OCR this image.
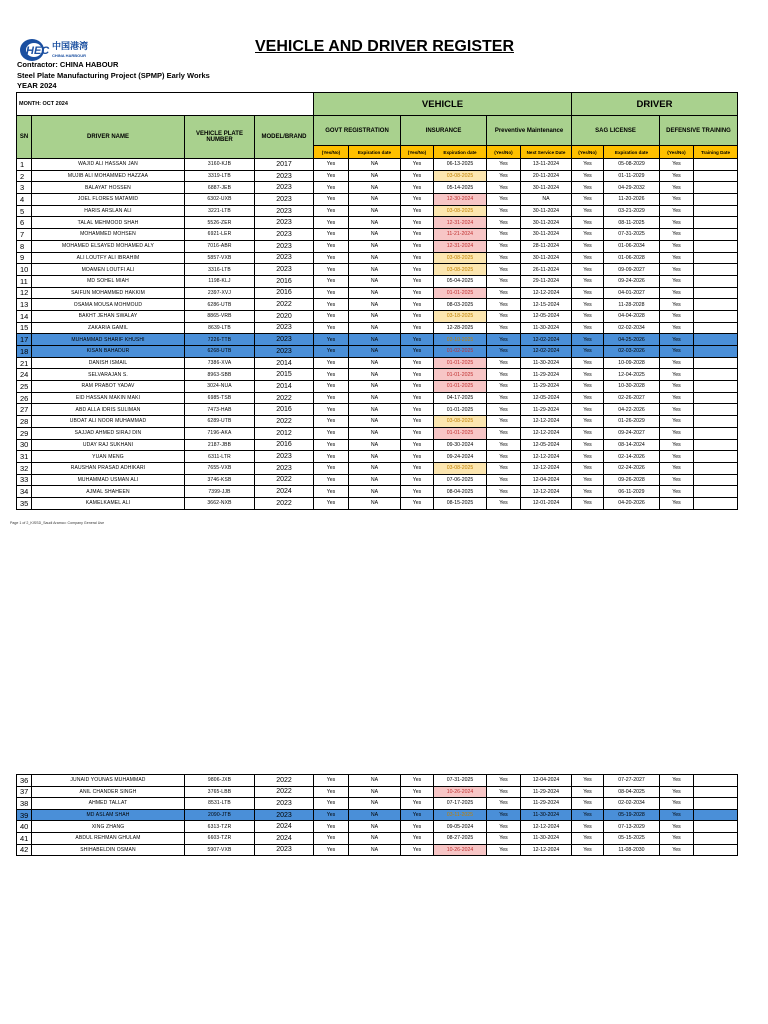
HEC 中国港湾
CHINA HARBOUR
VEHICLE AND DRIVER REGISTER
Contractor: CHINA HABOUR
Steel Plate Manufacturing Project (SPMP) Early Works
YEAR 2024
MONTH: OCT 2024				VEHICLE						DRIVER			
SN	DRIVER NAME	VEHICLE PLATE NUMBER	MODEL/BRAND	GOVT REGISTRATION		INSURANCE		Preventive Maintenance		SAG LICENSE		DEFENSIVE TRAINING	
				(Yes/No)	Expiration date	(Yes/No)	Expiration date	(Yes/No)	Next Service Date	(Yes/No)	Expiration date	(Yes/No)	Training Date
1	WAJID ALI HASSAN JAN	3160-KJB	2017	Yes	NA	Yes	06-13-2025	Yes	13-11-2024	Yes	05-08-2029	Yes	
2	MUJIB ALI MOHAMMED HAZZAA	3319-LTB	2023	Yes	NA	Yes	03-08-2025	Yes	20-11-2024	Yes	01-11-2029	Yes	
3	BALAYAT HOSSEN	6887-JEB	2023	Yes	NA	Yes	05-14-2025	Yes	30-11-2024	Yes	04-29-2032	Yes	
4	JOEL FLORES MATAMID	6302-UXB	2023	Yes	NA	Yes	12-30-2024	Yes	NA	Yes	11-20-2026	Yes	
5	HARIS ARSLAN ALI	3221-LTB	2023	Yes	NA	Yes	03-08-2025	Yes	30-11-2024	Yes	03-21-2029	Yes	
6	TALAL MEHMOOD SHAH	5526-ZER	2023	Yes	NA	Yes	12-31-2024	Yes	30-11-2024	Yes	08-11-2025	Yes	
7	MOHAMMED MOHSEN	6921-LER	2023	Yes	NA	Yes	11-21-2024	Yes	30-11-2024	Yes	07-31-2025	Yes	
8	MOHAMED ELSAYED MOHAMED ALY	7016-ABR	2023	Yes	NA	Yes	12-31-2024	Yes	28-11-2024	Yes	01-06-2034	Yes	
9	ALI LOUTFY ALI IBRAHIM	5857-VXB	2023	Yes	NA	Yes	03-08-2025	Yes	30-11-2024	Yes	01-06-2028	Yes	
10	MOAMEN LOUTFI ALI	3316-LTB	2023	Yes	NA	Yes	03-08-2025	Yes	26-11-2024	Yes	09-09-2027	Yes	
11	MD SOHEL MIAH	1198-KLJ	2016	Yes	NA	Yes	05-04-2025	Yes	29-11-2024	Yes	09-24-2026	Yes	
12	SAIFUN MOHAMMED HAKKIM	2397-XVJ	2016	Yes	NA	Yes	01-01-2025	Yes	12-12-2024	Yes	04-01-2027	Yes	
13	OSAMA MOUSA MOHMOUD	6286-UTB	2022	Yes	NA	Yes	08-03-2025	Yes	12-15-2024	Yes	11-28-2028	Yes	
14	BAKHT JEHAN SWALAY	8865-VRB	2020	Yes	NA	Yes	03-18-2025	Yes	12-05-2024	Yes	04-04-2028	Yes	
15	ZAKARIA GAMIL	8639-LTB	2023	Yes	NA	Yes	12-28-2025	Yes	11-30-2024	Yes	02-02-2034	Yes	
17	MUHAMMAD SHARIF KHUSHI	7226-TTB	2023	Yes	NA	Yes	02-10-2025	Yes	12-02-2024	Yes	04-25-2026	Yes	
18	KISAN BAHADUR	6268-UTB	2023	Yes	NA	Yes	01-02-2025	Yes	12-02-2024	Yes	02-03-2026	Yes	
21	DANISH ISMAIL	7386-XVA	2014	Yes	NA	Yes	01-01-2025	Yes	11-30-2024	Yes	10-09-2028	Yes	
24	SELVARAJAN S.	8963-SBB	2015	Yes	NA	Yes	01-01-2025	Yes	11-29-2024	Yes	12-04-2025	Yes	
25	RAM PRABOT YADAV	3024-NUA	2014	Yes	NA	Yes	01-01-2025	Yes	11-29-2024	Yes	10-30-2028	Yes	
26	EID HASSAN MAKIN MAKI	6985-TSB	2022	Yes	NA	Yes	04-17-2025	Yes	12-05-2024	Yes	02-26-2027	Yes	
27	ABD ALLA IDRIS SULIMAN	7473-HAB	2016	Yes	NA	Yes	01-01-2025	Yes	11-29-2024	Yes	04-22-2026	Yes	
28	UBOAT ALI NOOR MUHAMMAD	6289-UTB	2022	Yes	NA	Yes	03-08-2025	Yes	12-12-2024	Yes	01-26-2029	Yes	
29	SAJJAD AHMED SIRAJ DIN	7196-AKA	2012	Yes	NA	Yes	01-01-2025	Yes	12-12-2024	Yes	09-24-2027	Yes	
30	UDAY RAJ SUKHANI	2187-JBB	2016	Yes	NA	Yes	09-30-2024	Yes	12-05-2024	Yes	08-14-2024	Yes	
31	YUAN MENG	6311-LTR	2023	Yes	NA	Yes	09-24-2024	Yes	12-12-2024	Yes	02-14-2026	Yes	
32	RAUSHAN PRASAD ADHIKARI	7655-VXB	2023	Yes	NA	Yes	03-08-2025	Yes	12-12-2024	Yes	02-24-2026	Yes	
33	MUHAMMAD USMAN ALI	3746-KSB	2022	Yes	NA	Yes	07-06-2025	Yes	12-04-2024	Yes	09-26-2028	Yes	
34	AJMAL SHAHEEN	7399-JJB	2024	Yes	NA	Yes	08-04-2025	Yes	12-12-2024	Yes	06-11-2029	Yes	
35	KAMELKAMEL ALI	3662-NXB	2022	Yes	NA	Yes	08-15-2025	Yes	12-01-2024	Yes	04-20-2026	Yes	
Page 1 of 2_KISSD_Saudi Aramco: Company General Use
36	JUNAID YOUNAS MUHAMMAD	9806-JXB	2022	Yes	NA	Yes	07-31-2025	Yes	12-04-2024	Yes	07-27-2027	Yes	
37	ANIL CHANDER SINGH	3765-LBB	2022	Yes	NA	Yes	10-26-2024	Yes	11-29-2024	Yes	08-04-2025	Yes	
38	AHMED TALLAT	8531-LTB	2023	Yes	NA	Yes	07-17-2025	Yes	11-29-2024	Yes	02-02-2034	Yes	
39	MD ASLAM SHAH	2090-JTB	2023	Yes	NA	Yes	03-11-2025	Yes	11-30-2024	Yes	05-19-2028	Yes	
40	XING ZHANG	6313-TZR	2024	Yes	NA	Yes	09-05-2024	Yes	12-12-2024	Yes	07-13-2029	Yes	
41	ABDUL REHMAN GHULAM	6603-TZR	2024	Yes	NA	Yes	08-27-2025	Yes	11-30-2024	Yes	05-15-2025	Yes	
42	SHIHABELDIN OSMAN	5907-VXB	2023	Yes	NA	Yes	10-26-2024	Yes	12-12-2024	Yes	11-08-2030	Yes	
